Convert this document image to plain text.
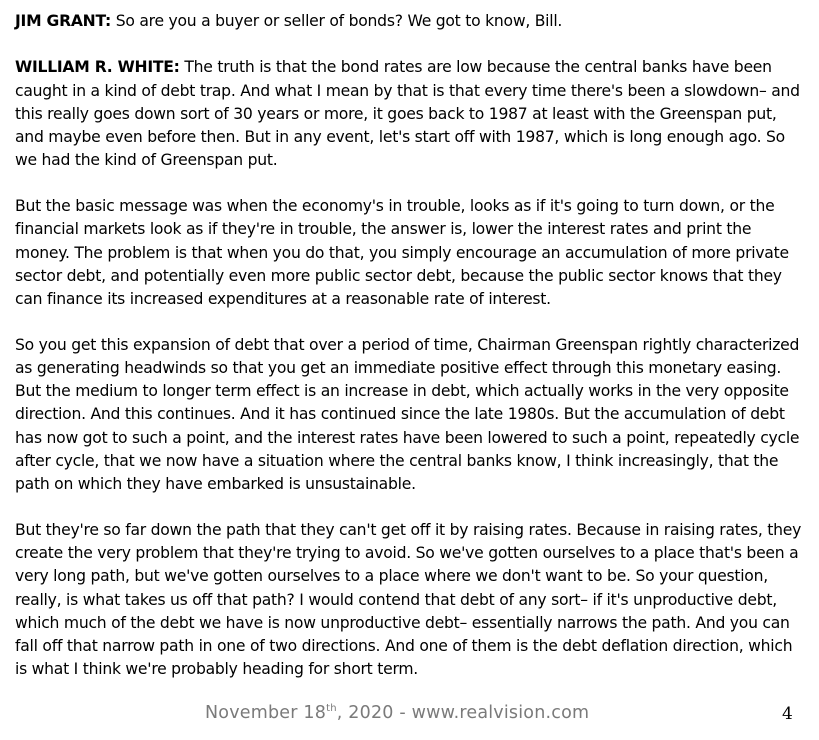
JIM GRANT: So are you a buyer or seller of bonds? We got to know, Bill.

WILLIAM R. WHITE: The truth is that the bond rates are low because the central banks have been caught in a kind of debt trap. And what I mean by that is that every time there's been a slowdown– and this really goes down sort of 30 years or more, it goes back to 1987 at least with the Greenspan put, and maybe even before then. But in any event, let's start off with 1987, which is long enough ago. So we had the kind of Greenspan put.

But the basic message was when the economy's in trouble, looks as if it's going to turn down, or the financial markets look as if they're in trouble, the answer is, lower the interest rates and print the money. The problem is that when you do that, you simply encourage an accumulation of more private sector debt, and potentially even more public sector debt, because the public sector knows that they can finance its increased expenditures at a reasonable rate of interest.

So you get this expansion of debt that over a period of time, Chairman Greenspan rightly characterized as generating headwinds so that you get an immediate positive effect through this monetary easing. But the medium to longer term effect is an increase in debt, which actually works in the very opposite direction. And this continues. And it has continued since the late 1980s. But the accumulation of debt has now got to such a point, and the interest rates have been lowered to such a point, repeatedly cycle after cycle, that we now have a situation where the central banks know, I think increasingly, that the path on which they have embarked is unsustainable.

But they're so far down the path that they can't get off it by raising rates. Because in raising rates, they create the very problem that they're trying to avoid. So we've gotten ourselves to a place that's been a very long path, but we've gotten ourselves to a place where we don't want to be. So your question, really, is what takes us off that path? I would contend that debt of any sort– if it's unproductive debt, which much of the debt we have is now unproductive debt– essentially narrows the path. And you can fall off that narrow path in one of two directions. And one of them is the debt deflation direction, which is what I think we're probably heading for short term.

November 18th, 2020 - www.realvision.com	4
